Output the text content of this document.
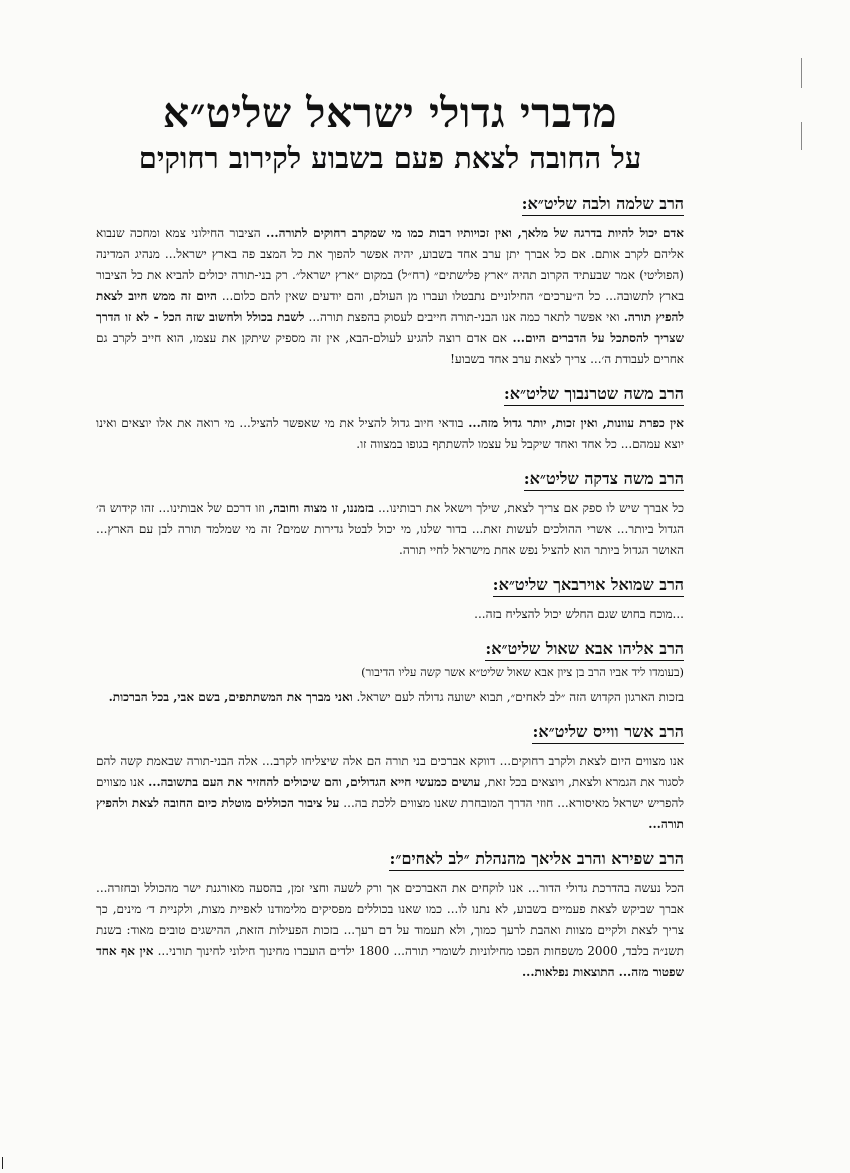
מדברי גדולי ישראל שליט״א
על החובה לצאת פעם בשבוע לקירוב רחוקים
הרב שלמה ולבה שליט״א:

אדם יכול להיות בדרגה של מלאך, ואין זכויותיו רבות כמו מי שמקרב רחוקים לתורה... הציבור החילוני צמא ומחכה שנבוא אליהם לקרב אותם. אם כל אברך יתן ערב אחד בשבוע, יהיה אפשר להפוך את כל המצב פה בארץ ישראל... מנהיג המדינה (הפוליטי) אמר שבעתיד הקרוב תהיה ״ארץ פלישתים״ (רח״ל) במקום ״ארץ ישראל״. רק בני-תורה יכולים להביא את כל הציבור בארץ לתשובה... כל ה״ערכים״ החילוניים נתבטלו ועברו מן העולם, והם יודעים שאין להם כלום... היום זה ממש חיוב לצאת להפיץ תורה. ואי אפשר לתאר כמה אנו הבני-תורה חייבים לעסוק בהפצת תורה... לשבת בכולל ולחשוב שזה הכל - לא זו הדרך שצריך להסתכל על הדברים היום... אם אדם רוצה להגיע לעולם-הבא, אין זה מספיק שיתקן את עצמו, הוא חייב לקרב גם אחרים לעבודת ה׳... צריך לצאת ערב אחד בשבוע!

הרב משה שטרנבוך שליט״א:

אין כפרת עוונות, ואין זכות, יותר גדול מזה... בודאי חיוב גדול להציל את מי שאפשר להציל... מי רואה את אלו יוצאים ואינו יוצא עמהם... כל אחד ואחד שיקבל על עצמו להשתתף בגופו במצווה זו.

הרב משה צדקה שליט״א:

כל אברך שיש לו ספק אם צריך לצאת, שילך וישאל את רבותינו... בזמננו, זו מצוה וחובה, וזו דרכם של אבותינו... זהו קידוש ה׳ הגדול ביותר... אשרי ההולכים לעשות זאת... בדור שלנו, מי יכול לבטל גדירות שמים? זה מי שמלמד תורה לבן עם הארץ... האושר הגדול ביותר הוא להציל נפש אחת מישראל לחיי תורה.

הרב שמואל אוירבאך שליט״א:

...מוכח בחוש שגם החלש יכול להצליח בזה...

הרב אליהו אבא שאול שליט״א:

(בעומדו ליד אביו הרב בן ציון אבא שאול שליט״א אשר קשה עליו הדיבור)

בזכות הארגון הקדוש הזה ״לב לאחים״, תבוא ישועה גדולה לעם ישראל. ואני מברך את המשתתפים, בשם אבי, בכל הברכות.

הרב אשר ווייס שליט״א:

אנו מצווים היום לצאת ולקרב רחוקים... דווקא אברכים בני תורה הם אלה שיצליחו לקרב... אלה הבני-תורה שבאמת קשה להם לסגור את הגמרא ולצאת, ויוצאים בכל זאת, עושים כמעשי חייא הגדולים, והם שיכולים להחזיר את העם בתשובה... אנו מצווים להפריש ישראל מאיסורא... חוזי הדרך המובחרת שאנו מצווים ללכת בה... על ציבור הכוללים מוטלת כיום החובה לצאת ולהפיץ תורה...

הרב שפירא והרב אליאך מהנהלת ״לב לאחים״:

הכל נעשה בהדרכת גדולי הדור... אנו לוקחים את האברכים אך ורק לשעה וחצי זמן, בהסעה מאורגנת ישר מהכולל ובחזרה... אברך שביקש לצאת פעמיים בשבוע, לא נתנו לו... כמו שאנו בכוללים מפסיקים מלימודנו לאפיית מצות, ולקניית ד׳ מינים, כך צריך לצאת ולקיים מצוות ואהבת לרעך כמוך, ולא תעמוד על דם רעך... בזכות הפעילות הזאת, ההישגים טובים מאוד: בשנת תשנ״ה בלבד, 2000 משפחות הפכו מחילוניות לשומרי תורה... 1800 ילדים הועברו מחינוך חילוני לחינוך תורני... אין אף אחד שפטור מזה... התוצאות נפלאות...
